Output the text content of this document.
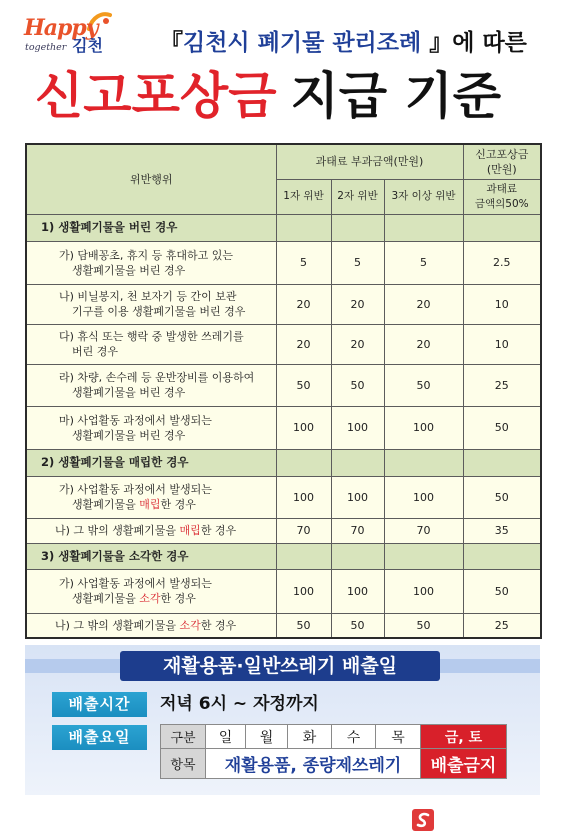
Happy
together 김천 『김천시 폐기물 관리조례 』에 따른
신고포상금 지급 기준
위반행위	과태료 부과금액(만원)			신고포상금
(만원)

	1자 위반	2자 위반	3자 이상 위반	과태료
금액의50%

1) 생활폐기물을 버린 경우				

가) 담배꽁초, 휴지 등 휴대하고 있는
생활폐기물을 버린 경우	5	5	5	2.5

나) 비닐봉지, 천 보자기 등 간이 보관
기구를 이용 생활폐기물을 버린 경우	20	20	20	10

다) 휴식 또는 행락 중 발생한 쓰레기를
버린 경우	20	20	20	10

라) 차량, 손수레 등 운반장비를 이용하여
생활폐기물을 버린 경우	50	50	50	25

마) 사업활동 과정에서 발생되는
생활폐기물을 버린 경우	100	100	100	50
2) 생활폐기물을 매립한 경우				

가) 사업활동 과정에서 발생되는
생활폐기물을 매립한 경우	100	100	100	50

나) 그 밖의 생활폐기물을 매립한 경우	70	70	70	35
3) 생활폐기물을 소각한 경우				

가) 사업활동 과정에서 발생되는
생활폐기물을 소각한 경우	100	100	100	50

나) 그 밖의 생활폐기물을 소각한 경우	50	50	50	25
재활용품·일반쓰레기 배출일
배출시간	저녁 6시 ~ 자정까지
배출요일	구분	일	월	화	수	목	금, 토
항목	재활용품, 종량제쓰레기					배출금지
